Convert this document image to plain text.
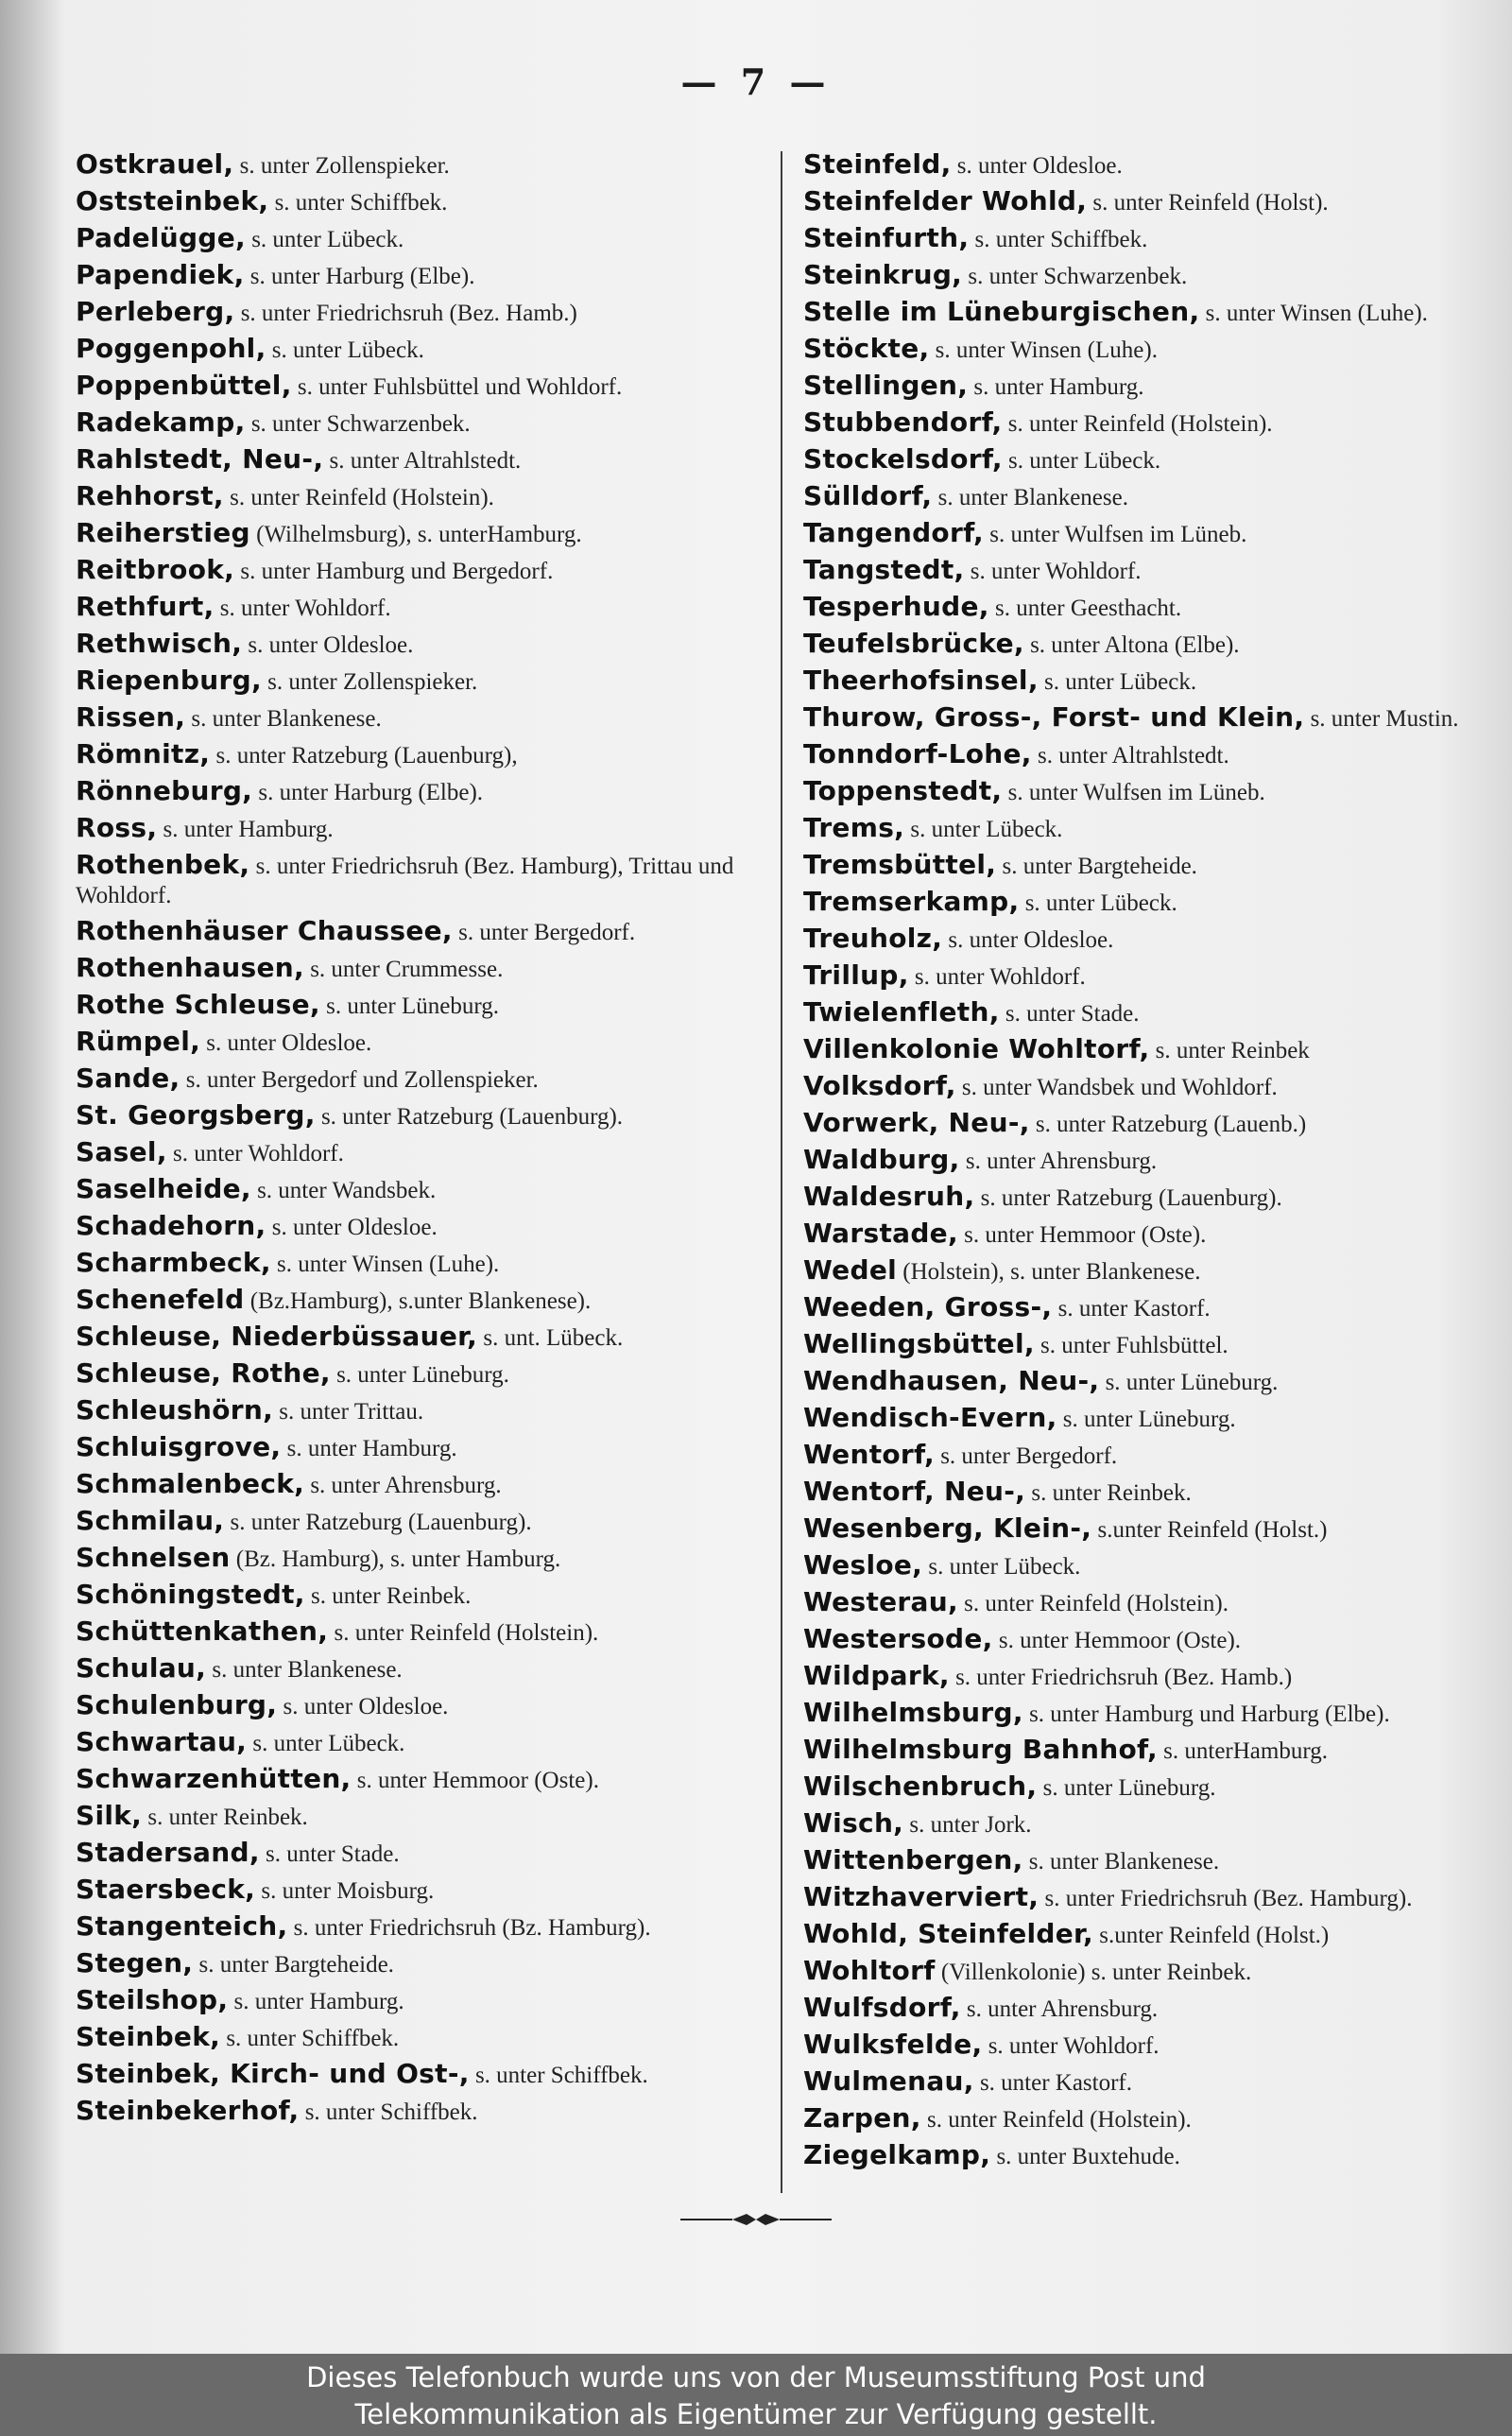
— 7 —
Ostkrauel, s. unter Zollenspieker.
Oststeinbek, s. unter Schiffbek.
Padelügge, s. unter Lübeck.
Papendiek, s. unter Harburg (Elbe).
Perleberg, s. unter Friedrichsruh (Bez. Hamb.)
Poggenpohl, s. unter Lübeck.
Poppenbüttel, s. unter Fuhlsbüttel und Wohldorf.
Radekamp, s. unter Schwarzenbek.
Rahlstedt, Neu-, s. unter Altrahlstedt.
Rehhorst, s. unter Reinfeld (Holstein).
Reiherstieg (Wilhelmsburg), s. unterHamburg.
Reitbrook, s. unter Hamburg und Bergedorf.
Rethfurt, s. unter Wohldorf.
Rethwisch, s. unter Oldesloe.
Riepenburg, s. unter Zollenspieker.
Rissen, s. unter Blankenese.
Römnitz, s. unter Ratzeburg (Lauenburg),
Rönneburg, s. unter Harburg (Elbe).
Ross, s. unter Hamburg.
Rothenbek, s. unter Friedrichsruh (Bez. Hamburg), Trittau und Wohldorf.
Rothenhäuser Chaussee, s. unter Bergedorf.
Rothenhausen, s. unter Crummesse.
Rothe Schleuse, s. unter Lüneburg.
Rümpel, s. unter Oldesloe.
Sande, s. unter Bergedorf und Zollenspieker.
St. Georgsberg, s. unter Ratzeburg (Lauenburg).
Sasel, s. unter Wohldorf.
Saselheide, s. unter Wandsbek.
Schadehorn, s. unter Oldesloe.
Scharmbeck, s. unter Winsen (Luhe).
Schenefeld (Bz.Hamburg), s.unter Blankenese).
Schleuse, Niederbüssauer, s. unt. Lübeck.
Schleuse, Rothe, s. unter Lüneburg.
Schleushörn, s. unter Trittau.
Schluisgrove, s. unter Hamburg.
Schmalenbeck, s. unter Ahrensburg.
Schmilau, s. unter Ratzeburg (Lauenburg).
Schnelsen (Bz. Hamburg), s. unter Hamburg.
Schöningstedt, s. unter Reinbek.
Schüttenkathen, s. unter Reinfeld (Holstein).
Schulau, s. unter Blankenese.
Schulenburg, s. unter Oldesloe.
Schwartau, s. unter Lübeck.
Schwarzenhütten, s. unter Hemmoor (Oste).
Silk, s. unter Reinbek.
Stadersand, s. unter Stade.
Staersbeck, s. unter Moisburg.
Stangenteich, s. unter Friedrichsruh (Bz. Hamburg).
Stegen, s. unter Bargteheide.
Steilshop, s. unter Hamburg.
Steinbek, s. unter Schiffbek.
Steinbek, Kirch- und Ost-, s. unter Schiffbek.
Steinbekerhof, s. unter Schiffbek.
Steinfeld, s. unter Oldesloe.
Steinfelder Wohld, s. unter Reinfeld (Holst).
Steinfurth, s. unter Schiffbek.
Steinkrug, s. unter Schwarzenbek.
Stelle im Lüneburgischen, s. unter Winsen (Luhe).
Stöckte, s. unter Winsen (Luhe).
Stellingen, s. unter Hamburg.
Stubbendorf, s. unter Reinfeld (Holstein).
Stockelsdorf, s. unter Lübeck.
Sülldorf, s. unter Blankenese.
Tangendorf, s. unter Wulfsen im Lüneb.
Tangstedt, s. unter Wohldorf.
Tesperhude, s. unter Geesthacht.
Teufelsbrücke, s. unter Altona (Elbe).
Theerhofsinsel, s. unter Lübeck.
Thurow, Gross-, Forst- und Klein, s. unter Mustin.
Tonndorf-Lohe, s. unter Altrahlstedt.
Toppenstedt, s. unter Wulfsen im Lüneb.
Trems, s. unter Lübeck.
Tremsbüttel, s. unter Bargteheide.
Tremserkamp, s. unter Lübeck.
Treuholz, s. unter Oldesloe.
Trillup, s. unter Wohldorf.
Twielenfleth, s. unter Stade.
Villenkolonie Wohltorf, s. unter Reinbek
Volksdorf, s. unter Wandsbek und Wohldorf.
Vorwerk, Neu-, s. unter Ratzeburg (Lauenb.)
Waldburg, s. unter Ahrensburg.
Waldesruh, s. unter Ratzeburg (Lauenburg).
Warstade, s. unter Hemmoor (Oste).
Wedel (Holstein), s. unter Blankenese.
Weeden, Gross-, s. unter Kastorf.
Wellingsbüttel, s. unter Fuhlsbüttel.
Wendhausen, Neu-, s. unter Lüneburg.
Wendisch-Evern, s. unter Lüneburg.
Wentorf, s. unter Bergedorf.
Wentorf, Neu-, s. unter Reinbek.
Wesenberg, Klein-, s.unter Reinfeld (Holst.)
Wesloe, s. unter Lübeck.
Westerau, s. unter Reinfeld (Holstein).
Westersode, s. unter Hemmoor (Oste).
Wildpark, s. unter Friedrichsruh (Bez. Hamb.)
Wilhelmsburg, s. unter Hamburg und Harburg (Elbe).
Wilhelmsburg Bahnhof, s. unterHamburg.
Wilschenbruch, s. unter Lüneburg.
Wisch, s. unter Jork.
Wittenbergen, s. unter Blankenese.
Witzhaverviert, s. unter Friedrichsruh (Bez. Hamburg).
Wohld, Steinfelder, s.unter Reinfeld (Holst.)
Wohltorf (Villenkolonie) s. unter Reinbek.
Wulfsdorf, s. unter Ahrensburg.
Wulksfelde, s. unter Wohldorf.
Wulmenau, s. unter Kastorf.
Zarpen, s. unter Reinfeld (Holstein).
Ziegelkamp, s. unter Buxtehude.
Dieses Telefonbuch wurde uns von der Museumsstiftung Post und
Telekommunikation als Eigentümer zur Verfügung gestellt.
